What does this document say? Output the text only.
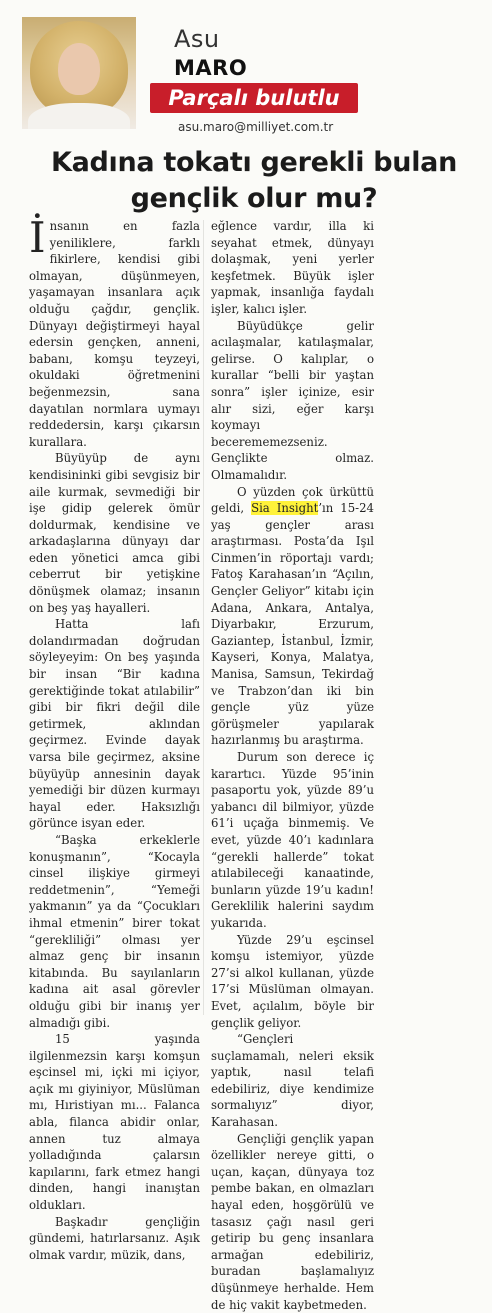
Asu
MARO
Parçalı bulutlu
asu.maro@milliyet.com.tr
Kadına tokatı gerekli bulan gençlik olur mu?

İnsanın en fazla yeniliklere, farklı fikirlere, kendisi gibi olmayan, düşünmeyen, yaşamayan insanlara açık olduğu çağdır, gençlik. Dünyayı değiştirmeyi hayal edersin gençken, anneni, babanı, komşu teyzeyi, okuldaki öğretmenini beğenmezsin, sana dayatılan normlara uymayı reddedersin, karşı çıkarsın kurallara.

Büyüyüp de aynı kendisininki gibi sevgisiz bir aile kurmak, sevmediği bir işe gidip gelerek ömür doldurmak, kendisine ve arkadaşlarına dünyayı dar eden yönetici amca gibi ceberrut bir yetişkine dönüşmek olamaz; insanın on beş yaş hayalleri.

Hatta lafı dolandırmadan doğrudan söyleyeyim: On beş yaşında bir insan “Bir kadına gerektiğinde tokat atılabilir” gibi bir fikri değil dile getirmek, aklından geçirmez. Evinde dayak varsa bile geçirmez, aksine büyüyüp annesinin dayak yemediği bir düzen kurmayı hayal eder. Haksızlığı görünce isyan eder.

“Başka erkeklerle konuşmanın”, “Kocayla cinsel ilişkiye girmeyi reddetmenin”, “Yemeği yakmanın” ya da “Çocukları ihmal etmenin” birer tokat “gerekliliği” olması yer almaz genç bir insanın kitabında. Bu sayılanların kadına ait asal görevler olduğu gibi bir inanış yer almadığı gibi.

15 yaşında ilgilenmezsin karşı komşun eşcinsel mi, içki mi içiyor, açık mı giyiniyor, Müslüman mı, Hıristiyan mı... Falanca abla, filanca abidir onlar, annen tuz almaya yolladığında çalarsın kapılarını, fark etmez hangi dinden, hangi inanıştan oldukları.

Başkadır gençliğin gündemi, hatırlarsanız. Aşık olmak vardır, müzik, dans,

eğlence vardır, illa ki seyahat etmek, dünyayı dolaşmak, yeni yerler keşfetmek. Büyük işler yapmak, insanlığa faydalı işler, kalıcı işler.

Büyüdükçe gelir acılaşmalar, katılaşmalar, gelirse. O kalıplar, o kurallar “belli bir yaştan sonra” işler içinize, esir alır sizi, eğer karşı koymayı becerememezseniz. Gençlikte olmaz. Olmamalıdır.

O yüzden çok ürküttü geldi, Sia Insight’ın 15-24 yaş gençler arası araştırması. Posta’da Işıl Cinmen’in röportajı vardı; Fatoş Karahasan’ın “Açılın, Gençler Geliyor” kitabı için Adana, Ankara, Antalya, Diyarbakır, Erzurum, Gaziantep, İstanbul, İzmir, Kayseri, Konya, Malatya, Manisa, Samsun, Tekirdağ ve Trabzon’dan iki bin gençle yüz yüze görüşmeler yapılarak hazırlanmış bu araştırma.

Durum son derece iç karartıcı. Yüzde 95’inin pasaportu yok, yüzde 89’u yabancı dil bilmiyor, yüzde 61’i uçağa binmemiş. Ve evet, yüzde 40’ı kadınlara “gerekli hallerde” tokat atılabileceği kanaatinde, bunların yüzde 19’u kadın! Gereklilik halerini saydım yukarıda.

Yüzde 29’u eşcinsel komşu istemiyor, yüzde 27’si alkol kullanan, yüzde 17’si Müslüman olmayan. Evet, açılalım, böyle bir gençlik geliyor.

“Gençleri suçlamamalı, neleri eksik yaptık, nasıl telafi edebiliriz, diye kendimize sormalıyız” diyor, Karahasan.

Gençliği gençlik yapan özellikler nereye gitti, o uçan, kaçan, dünyaya toz pembe bakan, en olmazları hayal eden, hoşgörülü ve tasasız çağı nasıl geri getirip bu genç insanlara armağan edebiliriz, buradan başlamalıyız düşünmeye herhalde. Hem de hiç vakit kaybetmeden.
